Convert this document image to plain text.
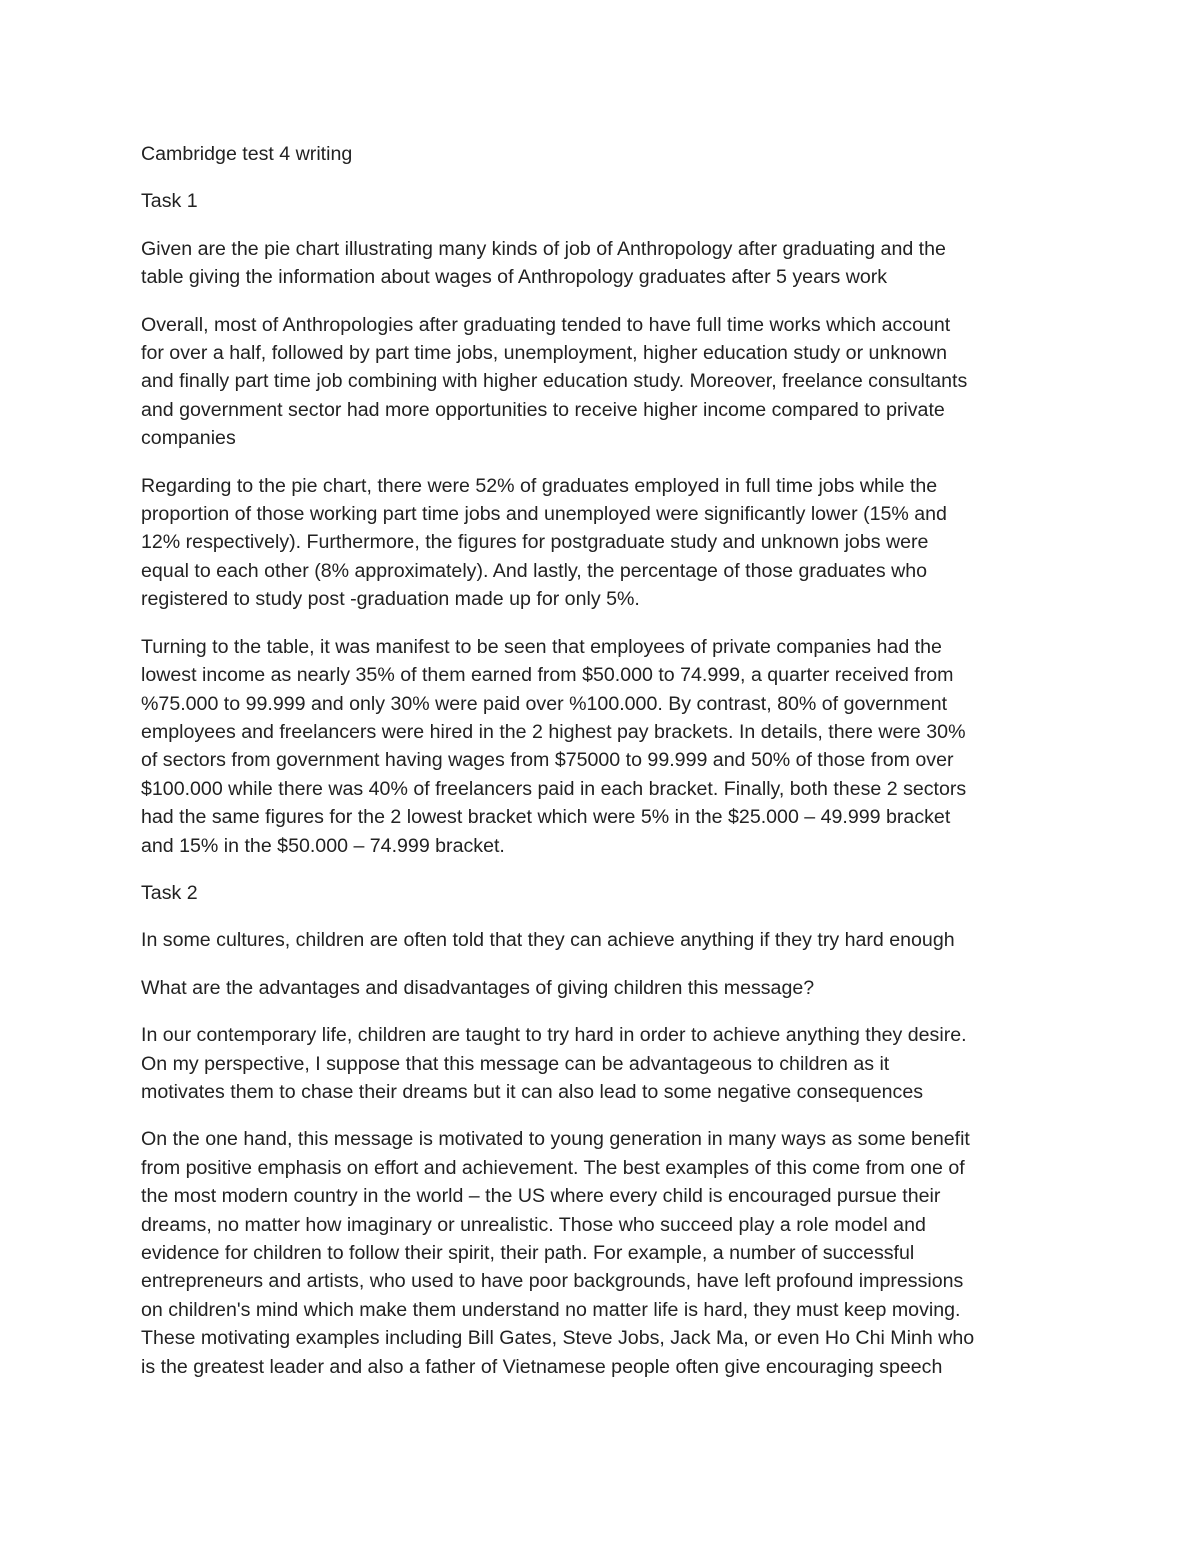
Cambridge test 4 writing

Task 1

Given are the pie chart illustrating many kinds of job of Anthropology after graduating and the
table giving the information about wages of Anthropology graduates after 5 years work

Overall, most of Anthropologies after graduating tended to have full time works which account
for over a half, followed by part time jobs, unemployment, higher education study or unknown
and finally part time job combining with higher education study. Moreover, freelance consultants
and government sector had more opportunities to receive higher income compared to private
companies

Regarding to the pie chart, there were 52% of graduates employed in full time jobs while the
proportion of those working part time jobs and unemployed were significantly lower (15% and
12% respectively). Furthermore, the figures for postgraduate study and unknown jobs were
equal to each other (8% approximately). And lastly, the percentage of those graduates who
registered to study post -graduation made up for only 5%.

Turning to the table, it was manifest to be seen that employees of private companies had the
lowest income as nearly 35% of them earned from $50.000 to 74.999, a quarter received from
%75.000 to 99.999 and only 30% were paid over %100.000. By contrast, 80% of government
employees and freelancers were hired in the 2 highest pay brackets. In details, there were 30%
of sectors from government having wages from $75000 to 99.999 and 50% of those from over
$100.000 while there was 40% of freelancers paid in each bracket. Finally, both these 2 sectors
had the same figures for the 2 lowest bracket which were 5% in the $25.000 – 49.999 bracket
and 15% in the $50.000 – 74.999 bracket.

Task 2

In some cultures, children are often told that they can achieve anything if they try hard enough

What are the advantages and disadvantages of giving children this message?

In our contemporary life, children are taught to try hard in order to achieve anything they desire.
On my perspective, I suppose that this message can be advantageous to children as it
motivates them to chase their dreams but it can also lead to some negative consequences

On the one hand, this message is motivated to young generation in many ways as some benefit
from positive emphasis on effort and achievement. The best examples of this come from one of
the most modern country in the world – the US where every child is encouraged pursue their
dreams, no matter how imaginary or unrealistic. Those who succeed play a role model and
evidence for children to follow their spirit, their path. For example, a number of successful
entrepreneurs and artists, who used to have poor backgrounds, have left profound impressions
on children's mind which make them understand no matter life is hard, they must keep moving.
These motivating examples including Bill Gates, Steve Jobs, Jack Ma, or even Ho Chi Minh who
is the greatest leader and also a father of Vietnamese people often give encouraging speech
